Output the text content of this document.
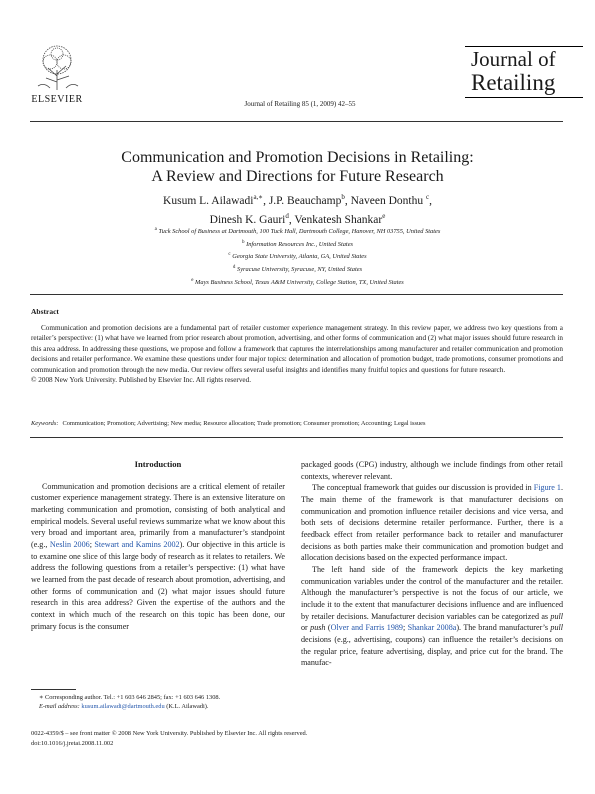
ELSEVIER	Journal of Retailing 85 (1, 2009) 42–55
Journal of
Retailing
Communication and Promotion Decisions in Retailing:
A Review and Directions for Future Research
Kusum L. Ailawadi$^{a,∗}$, J.P. Beauchamp$^b$, Naveen Donthu $^c$,
Dinesh K. Gauri$^d$, Venkatesh Shankar$^e$
$^a$ Tuck School of Business at Dartmouth, 100 Tuck Hall, Dartmouth College, Hanover, NH 03755, United States
$^b$ Information Resources Inc., United States
$^c$ Georgia State University, Atlanta, GA, United States
$^d$ Syracuse University, Syracuse, NY, United States
$^e$ Mays Business School, Texas A&M University, College Station, TX, United States
Abstract

Communication and promotion decisions are a fundamental part of retailer customer experience management strategy. In this review paper, we address two key questions from a retailer’s perspective: (1) what have we learned from prior research about promotion, advertising, and other forms of communication and (2) what major issues should future research in this area address. In addressing these questions, we propose and follow a framework that captures the interrelationships among manufacturer and retailer communication and promotion decisions and retailer performance. We examine these questions under four major topics: determination and allocation of promotion budget, trade promotions, consumer promotions and communication and promotion through the new media. Our review offers several useful insights and identifies many fruitful topics and questions for future research.

© 2008 New York University. Published by Elsevier Inc. All rights reserved.

Keywords: Communication; Promotion; Advertising; New media; Resource allocation; Trade promotion; Consumer promotion; Accounting; Legal issues

Introduction

Communication and promotion decisions are a critical element of retailer customer experience management strategy. There is an extensive literature on marketing communication and promotion, consisting of both analytical and empirical models. Several useful reviews summarize what we know about this very broad and important area, primarily from a manufacturer’s standpoint (e.g., Neslin 2006; Stewart and Kamins 2002). Our objective in this article is to examine one slice of this large body of research as it relates to retailers. We address the following questions from a retailer’s perspective: (1) what have we learned from the past decade of research about promotion, advertising, and other forms of communication and (2) what major issues should future research in this area address? Given the expertise of the authors and the context in which much of the research on this topic has been done, our primary focus is the consumer

packaged goods (CPG) industry, although we include findings from other retail contexts, wherever relevant.

The conceptual framework that guides our discussion is provided in Figure 1. The main theme of the framework is that manufacturer decisions on communication and promotion influence retailer decisions and vice versa, and both sets of decisions determine retailer performance. Further, there is a feedback effect from retailer performance back to retailer and manufacturer decisions as both parties make their communication and promotion budget and allocation decisions based on the expected performance impact.

The left hand side of the framework depicts the key marketing communication variables under the control of the manufacturer and the retailer. Although the manufacturer’s perspective is not the focus of our article, we include it to the extent that manufacturer decisions influence and are influenced by retailer decisions. Manufacturer decision variables can be categorized as pull or push (Olver and Farris 1989; Shankar 2008a). The brand manufacturer’s pull decisions (e.g., advertising, coupons) can influence the retailer’s decisions on the regular price, feature advertising, display, and price cut for the brand. The manufac-

∗ Corresponding author. Tel.: +1 603 646 2845; fax: +1 603 646 1308.
E-mail address: kusum.ailawadi@dartmouth.edu (K.L. Ailawadi).
0022-4359/$ – see front matter © 2008 New York University. Published by Elsevier Inc. All rights reserved.
doi:10.1016/j.jretai.2008.11.002
